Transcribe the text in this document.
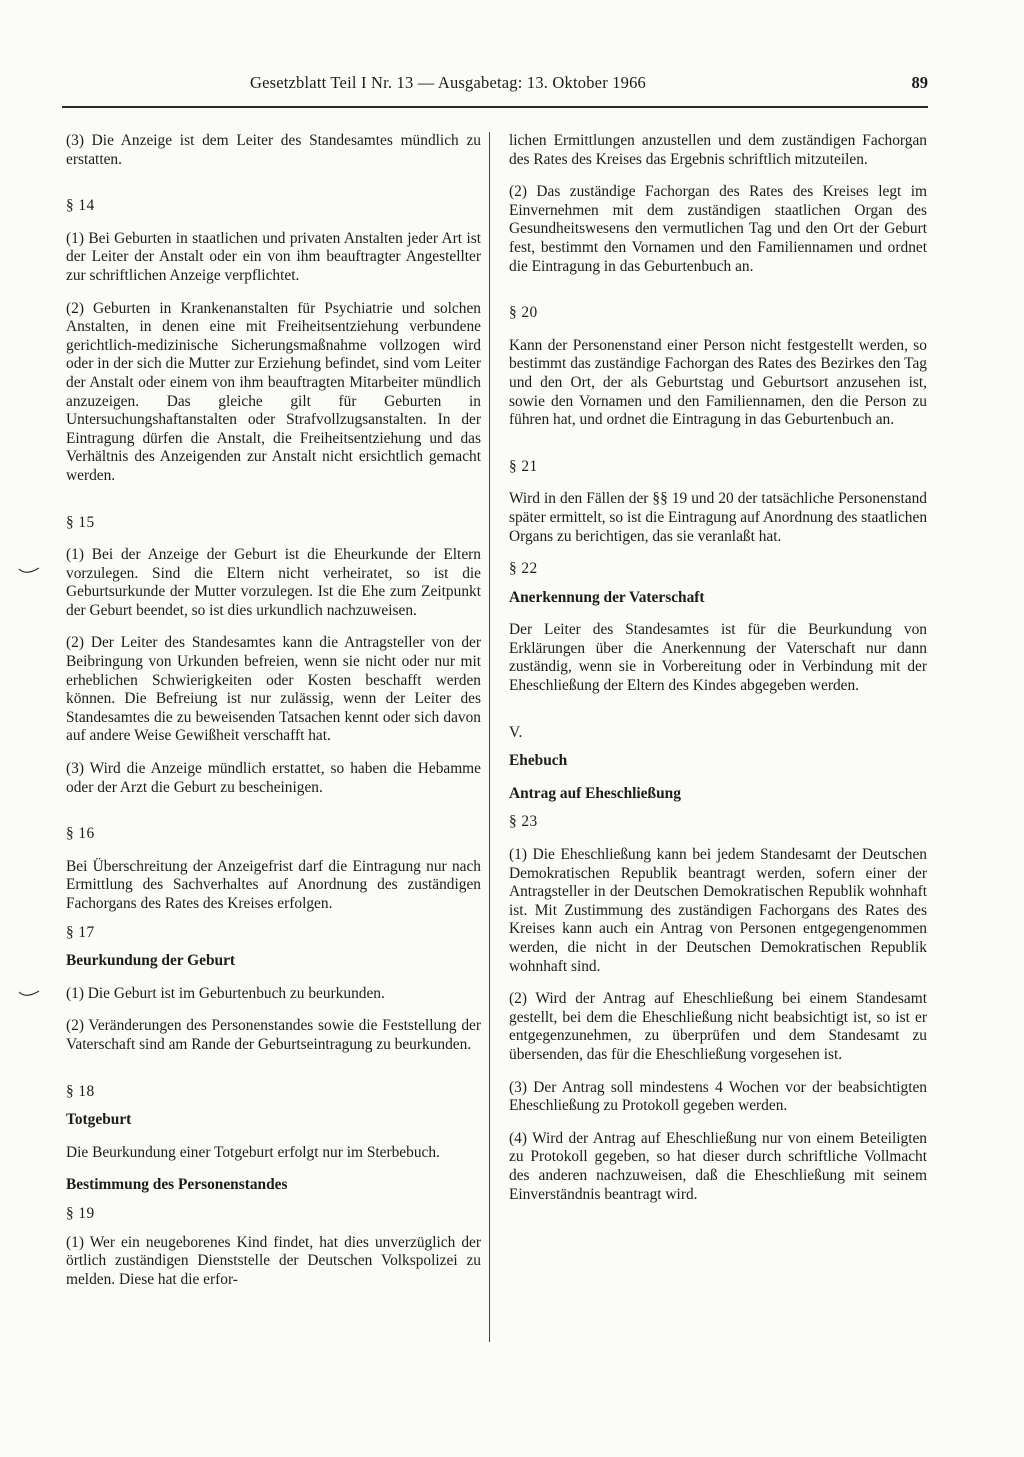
Gesetzblatt Teil I Nr. 13 — Ausgabetag: 13. Oktober 1966	89

(3) Die Anzeige ist dem Leiter des Standesamtes mündlich zu erstatten.

§ 14

(1) Bei Geburten in staatlichen und privaten Anstalten jeder Art ist der Leiter der Anstalt oder ein von ihm beauftragter Angestellter zur schriftlichen Anzeige verpflichtet.

(2) Geburten in Krankenanstalten für Psychiatrie und solchen Anstalten, in denen eine mit Freiheitsentziehung verbundene gerichtlich-medizinische Sicherungsmaßnahme vollzogen wird oder in der sich die Mutter zur Erziehung befindet, sind vom Leiter der Anstalt oder einem von ihm beauftragten Mitarbeiter mündlich anzuzeigen. Das gleiche gilt für Geburten in Untersuchungshaftanstalten oder Strafvollzugsanstalten. In der Eintragung dürfen die Anstalt, die Freiheitsentziehung und das Verhältnis des Anzeigenden zur Anstalt nicht ersichtlich gemacht werden.

§ 15

(1) Bei der Anzeige der Geburt ist die Eheurkunde der Eltern vorzulegen. Sind die Eltern nicht verheiratet, so ist die Geburtsurkunde der Mutter vorzulegen. Ist die Ehe zum Zeitpunkt der Geburt beendet, so ist dies urkundlich nachzuweisen.

(2) Der Leiter des Standesamtes kann die Antragsteller von der Beibringung von Urkunden befreien, wenn sie nicht oder nur mit erheblichen Schwierigkeiten oder Kosten beschafft werden können. Die Befreiung ist nur zulässig, wenn der Leiter des Standesamtes die zu beweisenden Tatsachen kennt oder sich davon auf andere Weise Gewißheit verschafft hat.

(3) Wird die Anzeige mündlich erstattet, so haben die Hebamme oder der Arzt die Geburt zu bescheinigen.

§ 16

Bei Überschreitung der Anzeigefrist darf die Eintragung nur nach Ermittlung des Sachverhaltes auf Anordnung des zuständigen Fachorgans des Rates des Kreises erfolgen.

§ 17

Beurkundung der Geburt

(1) Die Geburt ist im Geburtenbuch zu beurkunden.

(2) Veränderungen des Personenstandes sowie die Feststellung der Vaterschaft sind am Rande der Geburtseintragung zu beurkunden.

§ 18

Totgeburt

Die Beurkundung einer Totgeburt erfolgt nur im Sterbebuch.

Bestimmung des Personenstandes

§ 19

(1) Wer ein neugeborenes Kind findet, hat dies unverzüglich der örtlich zuständigen Dienststelle der Deutschen Volkspolizei zu melden. Diese hat die erfor-

lichen Ermittlungen anzustellen und dem zuständigen Fachorgan des Rates des Kreises das Ergebnis schriftlich mitzuteilen.

(2) Das zuständige Fachorgan des Rates des Kreises legt im Einvernehmen mit dem zuständigen staatlichen Organ des Gesundheitswesens den vermutlichen Tag und den Ort der Geburt fest, bestimmt den Vornamen und den Familiennamen und ordnet die Eintragung in das Geburtenbuch an.

§ 20

Kann der Personenstand einer Person nicht festgestellt werden, so bestimmt das zuständige Fachorgan des Rates des Bezirkes den Tag und den Ort, der als Geburtstag und Geburtsort anzusehen ist, sowie den Vornamen und den Familiennamen, den die Person zu führen hat, und ordnet die Eintragung in das Geburtenbuch an.

§ 21

Wird in den Fällen der §§ 19 und 20 der tatsächliche Personenstand später ermittelt, so ist die Eintragung auf Anordnung des staatlichen Organs zu berichtigen, das sie veranlaßt hat.

§ 22

Anerkennung der Vaterschaft

Der Leiter des Standesamtes ist für die Beurkundung von Erklärungen über die Anerkennung der Vaterschaft nur dann zuständig, wenn sie in Vorbereitung oder in Verbindung mit der Eheschließung der Eltern des Kindes abgegeben werden.

V.

Ehebuch

Antrag auf Eheschließung

§ 23

(1) Die Eheschließung kann bei jedem Standesamt der Deutschen Demokratischen Republik beantragt werden, sofern einer der Antragsteller in der Deutschen Demokratischen Republik wohnhaft ist. Mit Zustimmung des zuständigen Fachorgans des Rates des Kreises kann auch ein Antrag von Personen entgegengenommen werden, die nicht in der Deutschen Demokratischen Republik wohnhaft sind.

(2) Wird der Antrag auf Eheschließung bei einem Standesamt gestellt, bei dem die Eheschließung nicht beabsichtigt ist, so ist er entgegenzunehmen, zu überprüfen und dem Standesamt zu übersenden, das für die Eheschließung vorgesehen ist.

(3) Der Antrag soll mindestens 4 Wochen vor der beabsichtigten Eheschließung zu Protokoll gegeben werden.

(4) Wird der Antrag auf Eheschließung nur von einem Beteiligten zu Protokoll gegeben, so hat dieser durch schriftliche Vollmacht des anderen nachzuweisen, daß die Eheschließung mit seinem Einverständnis beantragt wird.
